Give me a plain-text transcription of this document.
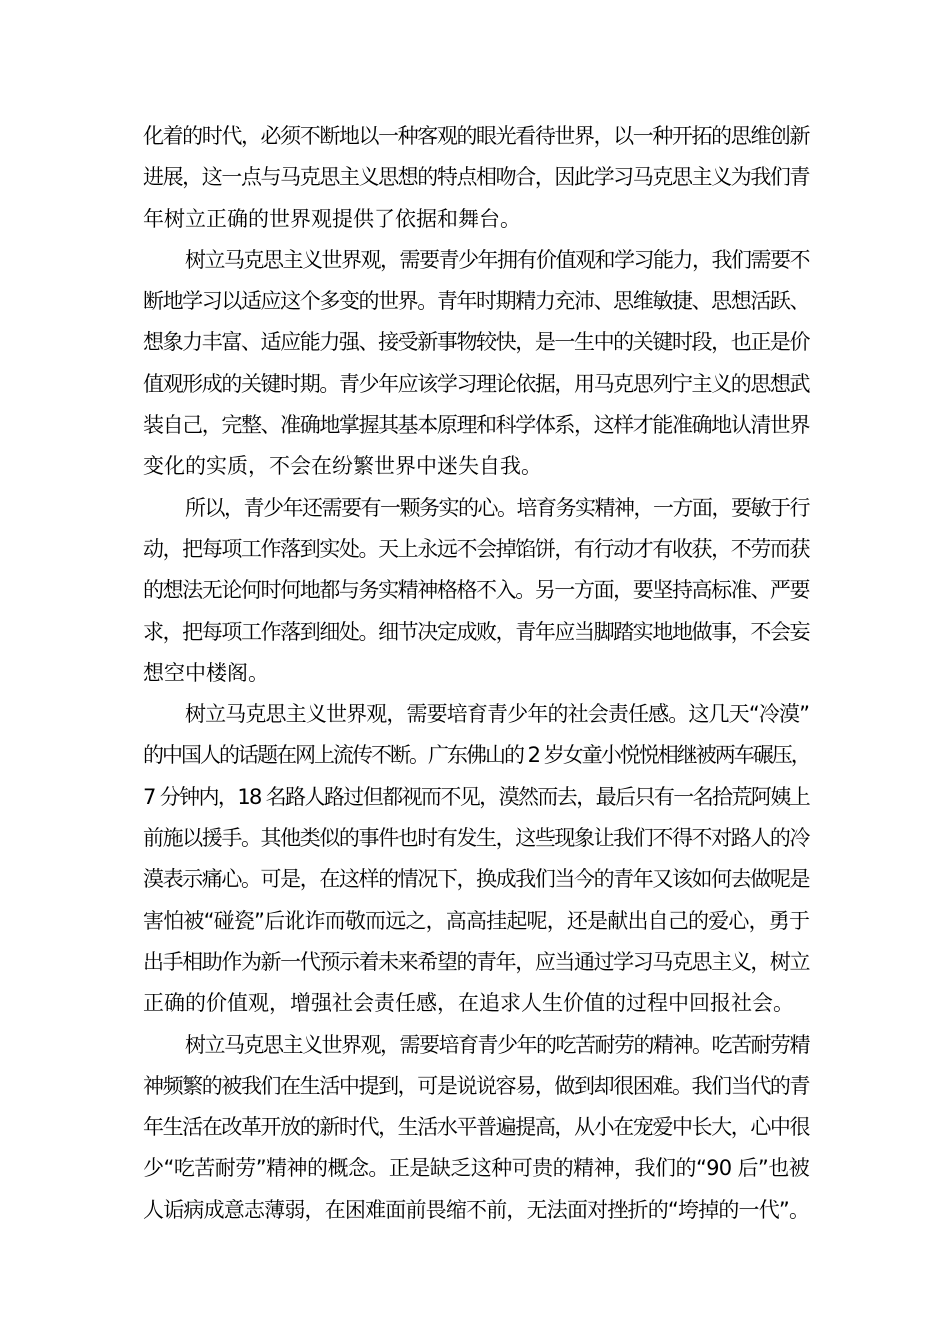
化着的时代，必须不断地以一种客观的眼光看待世界，以一种开拓的思维创新
进展，这一点与马克思主义思想的特点相吻合，因此学习马克思主义为我们青
年树立正确的世界观提供了依据和舞台。
树立马克思主义世界观，需要青少年拥有价值观和学习能力，我们需要不
断地学习以适应这个多变的世界。青年时期精力充沛、思维敏捷、思想活跃、
想象力丰富、适应能力强、接受新事物较快，是一生中的关键时段，也正是价
值观形成的关键时期。青少年应该学习理论依据，用马克思列宁主义的思想武
装自己，完整、准确地掌握其基本原理和科学体系，这样才能准确地认清世界
变化的实质，不会在纷繁世界中迷失自我。
所以，青少年还需要有一颗务实的心。培育务实精神，一方面，要敏于行
动，把每项工作落到实处。天上永远不会掉馅饼，有行动才有收获，不劳而获
的想法无论何时何地都与务实精神格格不入。另一方面，要坚持高标准、严要
求，把每项工作落到细处。细节决定成败，青年应当脚踏实地地做事，不会妄
想空中楼阁。
树立马克思主义世界观，需要培育青少年的社会责任感。这几天“冷漠”
的中国人的话题在网上流传不断。广东佛山的 2 岁女童小悦悦相继被两车碾压，
7 分钟内，18 名路人路过但都视而不见，漠然而去，最后只有一名拾荒阿姨上
前施以援手。其他类似的事件也时有发生，这些现象让我们不得不对路人的冷
漠表示痛心。可是，在这样的情况下，换成我们当今的青年又该如何去做呢是
害怕被“碰瓷”后讹诈而敬而远之，高高挂起呢，还是献出自己的爱心，勇于
出手相助作为新一代预示着未来希望的青年，应当通过学习马克思主义，树立
正确的价值观，增强社会责任感，在追求人生价值的过程中回报社会。
树立马克思主义世界观，需要培育青少年的吃苦耐劳的精神。吃苦耐劳精
神频繁的被我们在生活中提到，可是说说容易，做到却很困难。我们当代的青
年生活在改革开放的新时代，生活水平普遍提高，从小在宠爱中长大，心中很
少“吃苦耐劳”精神的概念。正是缺乏这种可贵的精神，我们的“90 后”也被
人诟病成意志薄弱，在困难面前畏缩不前，无法面对挫折的“垮掉的一代”。
